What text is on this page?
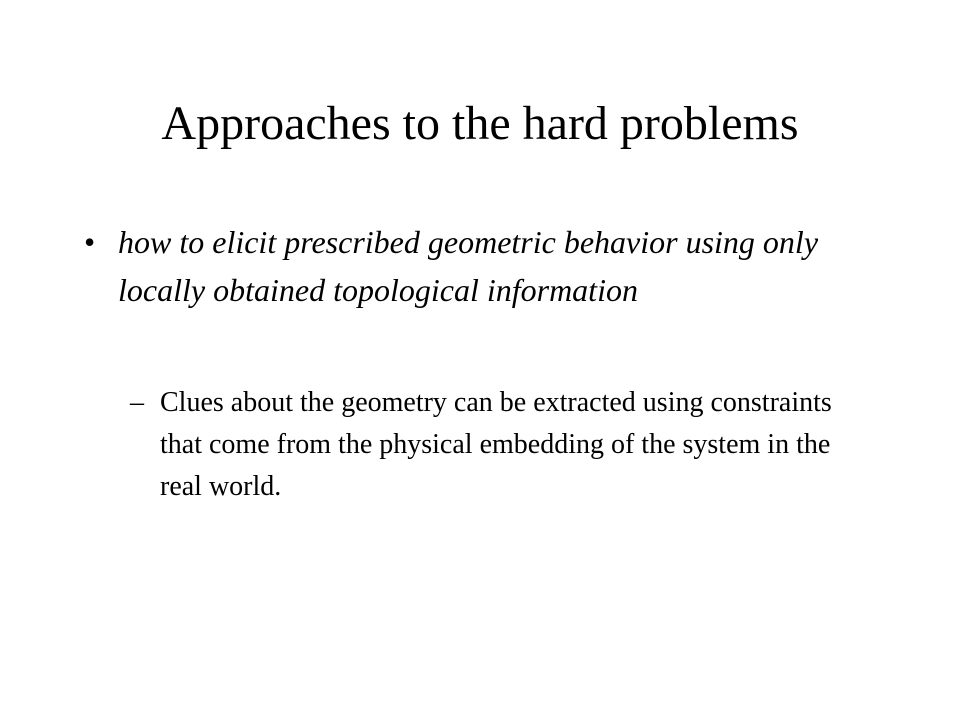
Approaches to the hard problems
• how to elicit prescribed geometric behavior using only locally obtained topological information
– Clues about the geometry can be extracted using constraints that come from the physical embedding of the system in the real world.
